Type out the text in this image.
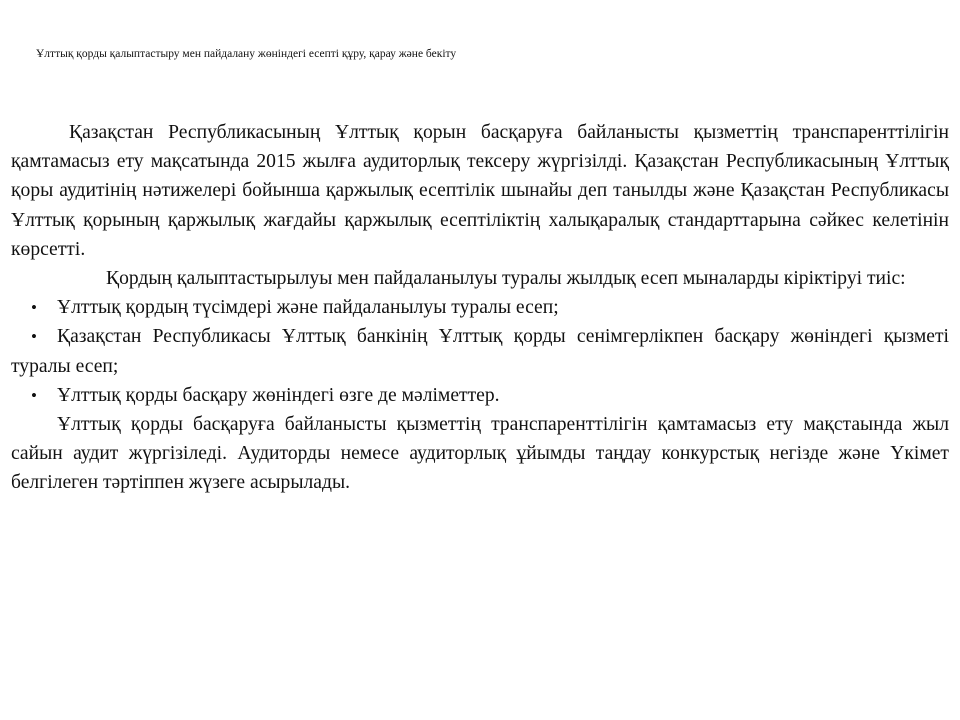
Ұлттық қорды қалыптастыру мен пайдалану жөніндегі есепті құру, қарау және бекіту

Қазақстан Республикасының Ұлттық қорын басқаруға байланысты қызметтің транспаренттілігін қамтамасыз ету мақсатында 2015 жылға аудиторлық тексеру жүргізілді. Қазақстан Республикасының Ұлттық қоры аудитінің нәтижелері бойынша қаржылық есептілік шынайы деп танылды және Қазақстан Республикасы Ұлттық қорының қаржылық жағдайы қаржылық есептіліктің халықаралық стандарттарына сәйкес келетінін көрсетті.

Қордың қалыптастырылуы мен пайдаланылуы туралы жылдық есеп мыналарды кіріктіруі тиіс:

• Ұлттық қордың түсімдері және пайдаланылуы туралы есеп;
• Қазақстан Республикасы Ұлттық банкінің Ұлттық қорды сенімгерлікпен басқару жөніндегі қызметі туралы есеп;
• Ұлттық қорды басқару жөніндегі өзге де мәліметтер.

Ұлттық қорды басқаруға байланысты қызметтің транспаренттілігін қамтамасыз ету мақстаында жыл сайын аудит жүргізіледі. Аудиторды немесе аудиторлық ұйымды таңдау конкурстық негізде және Үкімет белгілеген тәртіппен жүзеге асырылады.
